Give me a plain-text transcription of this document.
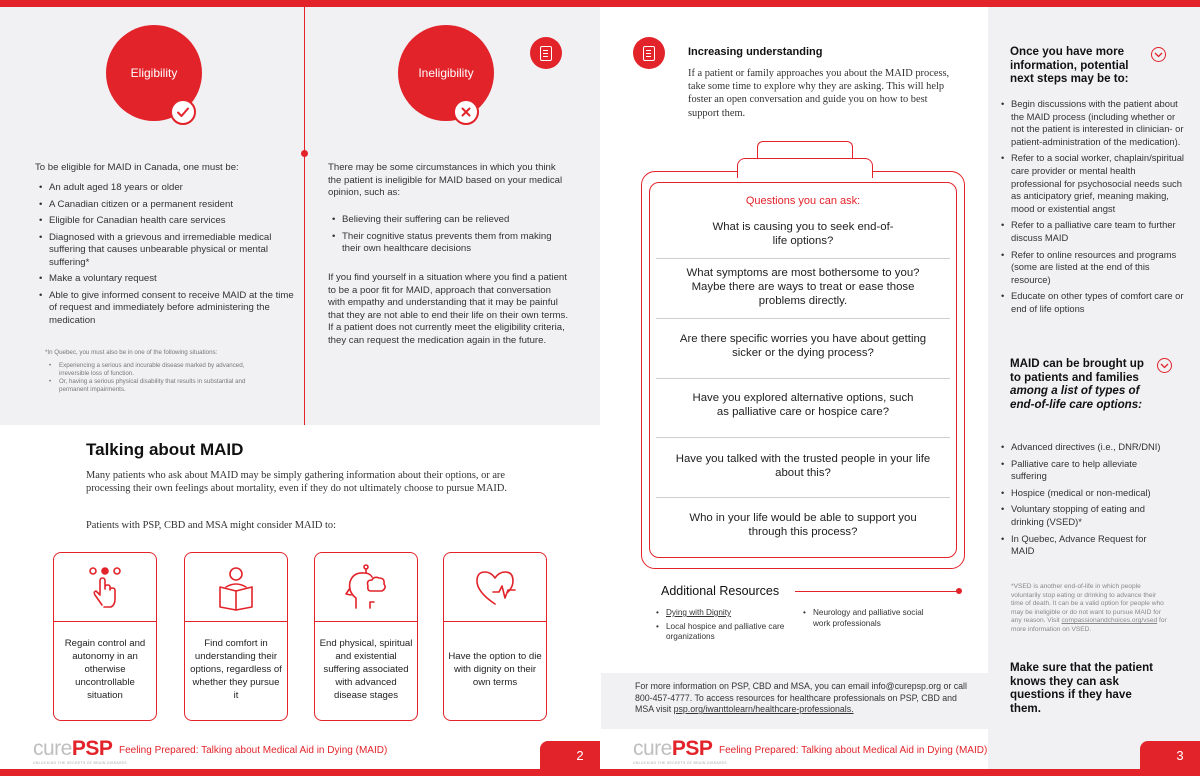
Eligibility	Ineligibility
To be eligible for MAID in Canada, one must be:
• An adult aged 18 years or older
• A Canadian citizen or a permanent resident
• Eligible for Canadian health care services
• Diagnosed with a grievous and irremediable medical suffering that causes unbearable physical or mental suffering*
• Make a voluntary request
• Able to give informed consent to receive MAID at the time of request and immediately before administering the medication
*In Quebec, you must also be in one of the following situations:
• Experiencing a serious and incurable disease marked by advanced, irreversible loss of function.
• Or, having a serious physical disability that results in substantial and permanent impairments.
There may be some circumstances in which you think the patient is ineligible for MAID based on your medical opinion, such as:
• Believing their suffering can be relieved
• Their cognitive status prevents them from making their own healthcare decisions
If you find yourself in a situation where you find a patient to be a poor fit for MAID, approach that conversation with empathy and understanding that it may be painful that they are not able to end their life on their own terms. If a patient does not currently meet the eligibility criteria, they can request the medication again in the future.
Talking about MAID
Many patients who ask about MAID may be simply gathering information about their options, or are processing their own feelings about mortality, even if they do not ultimately choose to pursue MAID.
Patients with PSP, CBD and MSA might consider MAID to:
Regain control and autonomy in an otherwise uncontrollable situation
Find comfort in understanding their options, regardless of whether they pursue it
End physical, spiritual and existential suffering associated with advanced disease stages
Have the option to die with dignity on their own terms
curePSP
UNLOCKING THE SECRETS OF BRAIN DISEASES
Feeling Prepared: Talking about Medical Aid in Dying (MAID)	2
Increasing understanding
If a patient or family approaches you about the MAID process, take some time to explore why they are asking. This will help foster an open conversation and guide you on how to best support them.
Questions you can ask:
What is causing you to seek end-of-life options?
What symptoms are most bothersome to you? Maybe there are ways to treat or ease those problems directly.
Are there specific worries you have about getting sicker or the dying process?
Have you explored alternative options, such as palliative care or hospice care?
Have you talked with the trusted people in your life about this?
Who in your life would be able to support you through this process?
Additional Resources
• Dying with Dignity
• Local hospice and palliative care organizations
• Neurology and palliative social work professionals
For more information on PSP, CBD and MSA, you can email info@curepsp.org or call 800-457-4777. To access resources for healthcare professionals on PSP, CBD and MSA visit psp.org/iwanttolearn/healthcare-professionals.
Once you have more information, potential next steps may be to:
• Begin discussions with the patient about the MAID process (including whether or not the patient is interested in clinician- or patient-administration of the medication).
• Refer to a social worker, chaplain/spiritual care provider or mental health professional for psychosocial needs such as anticipatory grief, meaning making, mood or existential angst
• Refer to a palliative care team to further discuss MAID
• Refer to online resources and programs (some are listed at the end of this resource)
• Educate on other types of comfort care or end of life options
MAID can be brought up to patients and families among a list of types of end-of-life care options:
• Advanced directives (i.e., DNR/DNI)
• Palliative care to help alleviate suffering
• Hospice (medical or non-medical)
• Voluntary stopping of eating and drinking (VSED)*
• In Quebec, Advance Request for MAID
*VSED is another end-of-life in which people voluntarily stop eating or drinking to advance their time of death. It can be a valid option for people who may be ineligible or do not want to pursue MAID for any reason. Visit compassionandchoices.org/vsed for more information on VSED.
Make sure that the patient knows they can ask questions if they have them.
curePSP
UNLOCKING THE SECRETS OF BRAIN DISEASES
Feeling Prepared: Talking about Medical Aid in Dying (MAID)	3
